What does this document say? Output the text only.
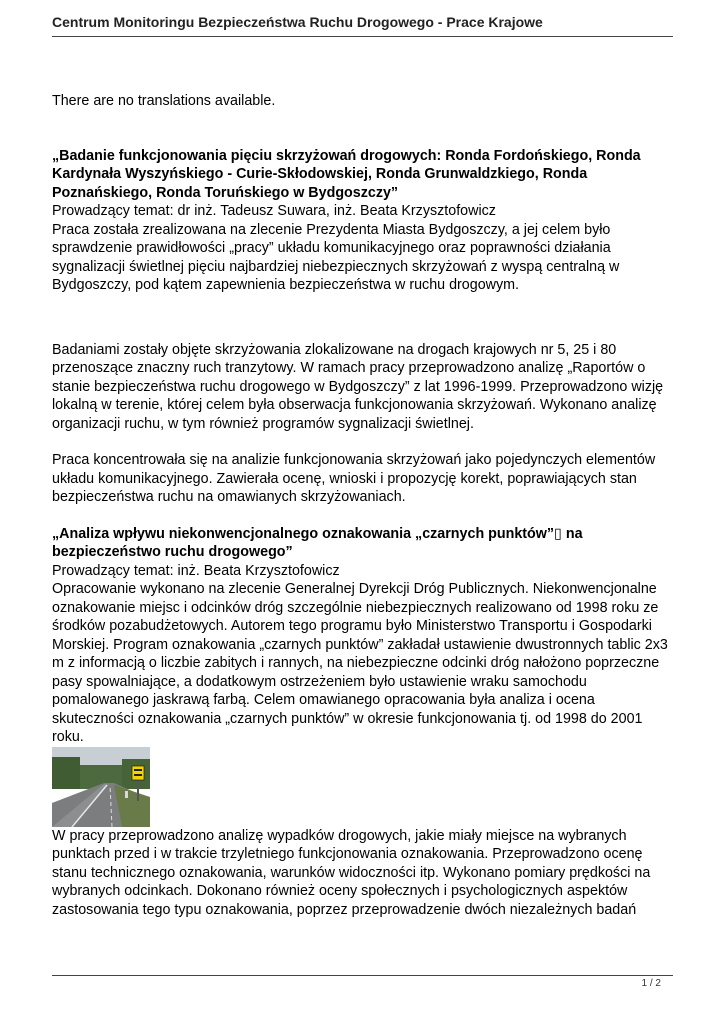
Centrum Monitoringu Bezpieczeństwa Ruchu Drogowego - Prace Krajowe

There are no translations available.

„Badanie funkcjonowania pięciu skrzyżowań drogowych: Ronda Fordońskiego, Ronda Kardynała Wyszyńskiego - Curie-Skłodowskiej, Ronda Grunwaldzkiego, Ronda Poznańskiego, Ronda Toruńskiego w Bydgoszczy”

Prowadzący temat: dr inż. Tadeusz Suwara, inż. Beata Krzysztofowicz

Praca została zrealizowana na zlecenie Prezydenta Miasta Bydgoszczy, a jej celem było sprawdzenie prawidłowości „pracy” układu komunikacyjnego oraz poprawności działania sygnalizacji świetlnej pięciu najbardziej niebezpiecznych skrzyżowań z wyspą centralną w Bydgoszczy, pod kątem zapewnienia bezpieczeństwa w ruchu drogowym.

Badaniami zostały objęte skrzyżowania zlokalizowane na drogach krajowych nr 5, 25 i 80 przenoszące znaczny ruch tranzytowy. W ramach pracy przeprowadzono analizę „Raportów o stanie bezpieczeństwa ruchu drogowego w Bydgoszczy” z lat 1996-1999. Przeprowadzono wizję lokalną w terenie, której celem była obserwacja funkcjonowania skrzyżowań. Wykonano analizę organizacji ruchu, w tym również programów sygnalizacji świetlnej.

Praca koncentrowała się na analizie funkcjonowania skrzyżowań jako pojedynczych elementów układu komunikacyjnego. Zawierała ocenę, wnioski i propozycję korekt, poprawiających stan bezpieczeństwa ruchu na omawianych skrzyżowaniach.

„Analiza wpływu niekonwencjonalnego oznakowania „czarnych punktów”▯ na bezpieczeństwo ruchu drogowego”

Prowadzący temat: inż. Beata Krzysztofowicz

Opracowanie wykonano na zlecenie Generalnej Dyrekcji Dróg Publicznych. Niekonwencjonalne oznakowanie miejsc i odcinków dróg szczególnie niebezpiecznych realizowano od 1998 roku ze środków pozabudżetowych. Autorem tego programu było Ministerstwo Transportu i Gospodarki Morskiej. Program oznakowania „czarnych punktów” zakładał ustawienie dwustronnych tablic 2x3 m z informacją o liczbie zabitych i rannych, na niebezpieczne odcinki dróg nałożono poprzeczne pasy spowalniające, a dodatkowym ostrzeżeniem było ustawienie wraku samochodu pomalowanego jaskrawą farbą. Celem omawianego opracowania była analiza i ocena skuteczności oznakowania „czarnych punktów” w okresie funkcjonowania tj. od 1998 do 2001 roku.

W pracy przeprowadzono analizę wypadków drogowych, jakie miały miejsce na wybranych punktach przed i w trakcie trzyletniego funkcjonowania oznakowania. Przeprowadzono ocenę stanu technicznego oznakowania, warunków widoczności itp. Wykonano pomiary prędkości na wybranych odcinkach. Dokonano również oceny społecznych i psychologicznych aspektów zastosowania tego typu oznakowania, poprzez przeprowadzenie dwóch niezależnych badań

1 / 2
